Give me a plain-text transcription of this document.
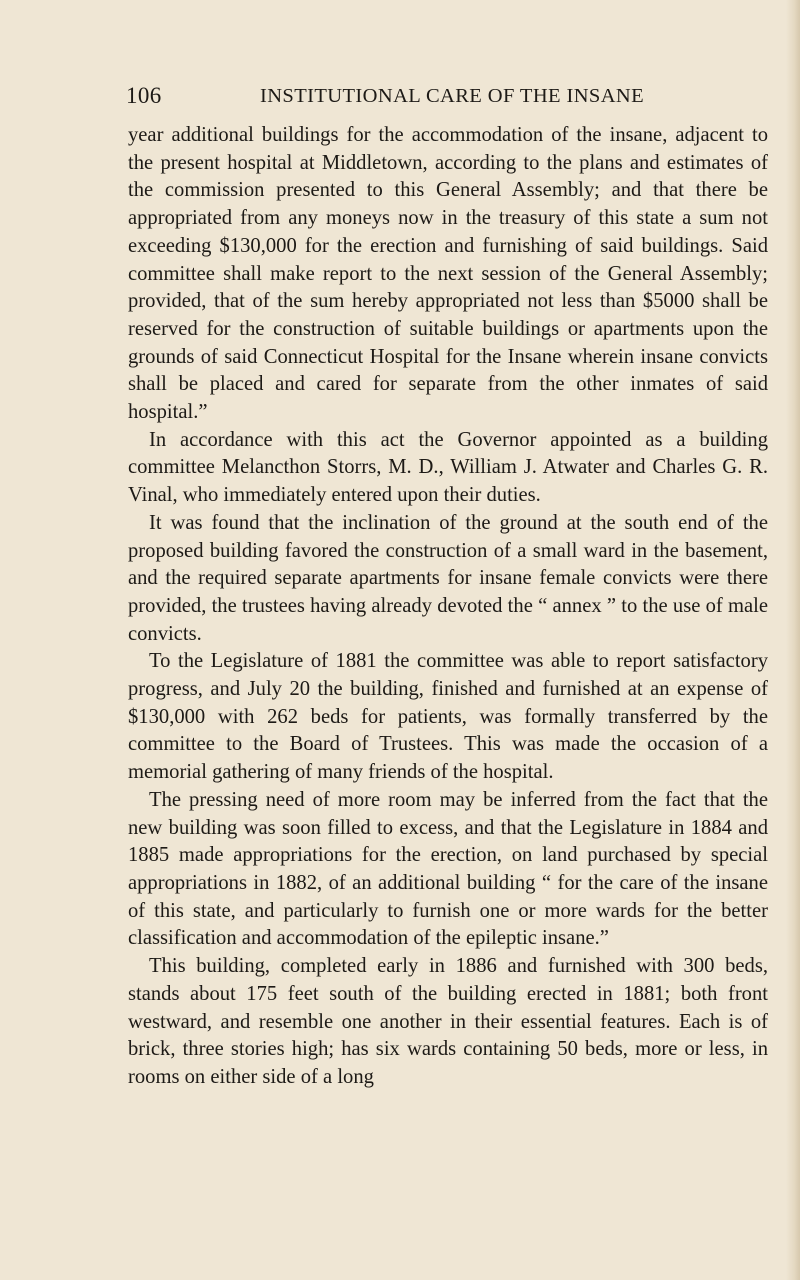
106	INSTITUTIONAL CARE OF THE INSANE

year additional buildings for the accommodation of the insane, adjacent to the present hospital at Middletown, according to the plans and estimates of the commission presented to this General Assembly; and that there be appropriated from any moneys now in the treasury of this state a sum not exceeding $130,000 for the erection and furnishing of said buildings. Said committee shall make report to the next session of the General Assembly; provided, that of the sum hereby appropriated not less than $5000 shall be reserved for the construction of suitable buildings or apartments upon the grounds of said Connecticut Hospital for the Insane wherein insane convicts shall be placed and cared for separate from the other inmates of said hospital.”

In accordance with this act the Governor appointed as a building committee Melancthon Storrs, M. D., William J. Atwater and Charles G. R. Vinal, who immediately entered upon their duties.

It was found that the inclination of the ground at the south end of the proposed building favored the construction of a small ward in the basement, and the required separate apartments for insane female convicts were there provided, the trustees having already devoted the “ annex ” to the use of male convicts.

To the Legislature of 1881 the committee was able to report satisfactory progress, and July 20 the building, finished and furnished at an expense of $130,000 with 262 beds for patients, was formally transferred by the committee to the Board of Trustees. This was made the occasion of a memorial gathering of many friends of the hospital.

The pressing need of more room may be inferred from the fact that the new building was soon filled to excess, and that the Legislature in 1884 and 1885 made appropriations for the erection, on land purchased by special appropriations in 1882, of an additional building “ for the care of the insane of this state, and particularly to furnish one or more wards for the better classification and accommodation of the epileptic insane.”

This building, completed early in 1886 and furnished with 300 beds, stands about 175 feet south of the building erected in 1881; both front westward, and resemble one another in their essential features. Each is of brick, three stories high; has six wards containing 50 beds, more or less, in rooms on either side of a long
